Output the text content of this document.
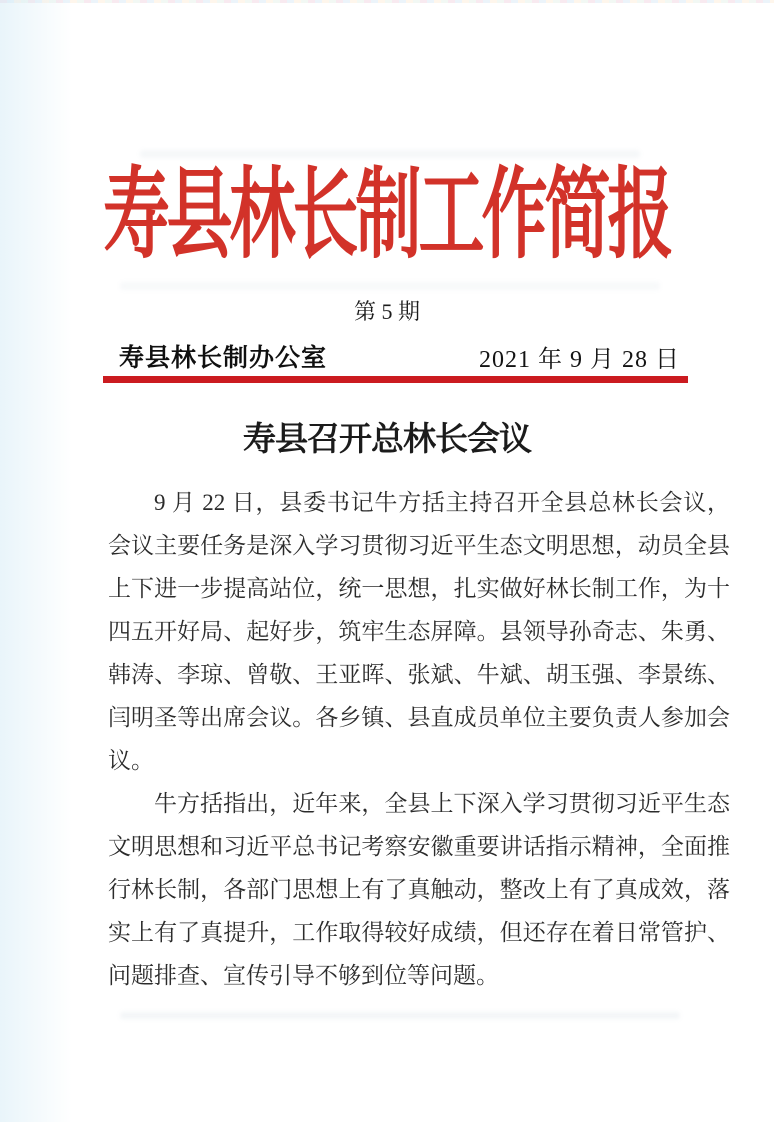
寿县林长制工作简报
第 5 期
寿县林长制办公室	2021 年 9 月 28 日
寿县召开总林长会议
9 月 22 日，县委书记牛方括主持召开全县总林长会议，
会议主要任务是深入学习贯彻习近平生态文明思想，动员全县
上下进一步提高站位，统一思想，扎实做好林长制工作，为十
四五开好局、起好步，筑牢生态屏障。县领导孙奇志、朱勇、
韩涛、李琼、曾敬、王亚晖、张斌、牛斌、胡玉强、李景练、
闫明圣等出席会议。各乡镇、县直成员单位主要负责人参加会
议。
牛方括指出，近年来，全县上下深入学习贯彻习近平生态
文明思想和习近平总书记考察安徽重要讲话指示精神，全面推
行林长制，各部门思想上有了真触动，整改上有了真成效，落
实上有了真提升，工作取得较好成绩，但还存在着日常管护、
问题排查、宣传引导不够到位等问题。
